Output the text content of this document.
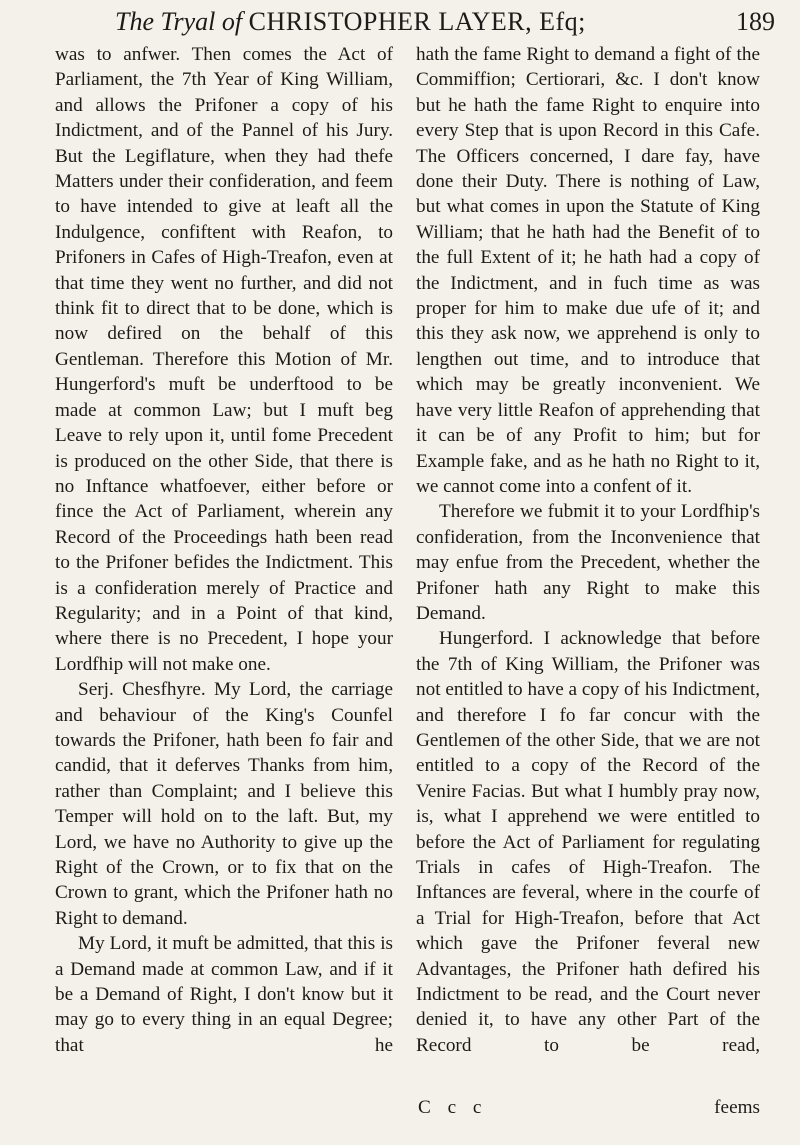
The Tryal of CHRISTOPHER LAYER, Efq;	189

was to anfwer. Then comes the Act of Parliament, the 7th Year of King William, and allows the Prifoner a copy of his Indictment, and of the Pannel of his Jury. But the Legiflature, when they had thefe Matters under their confideration, and feem to have intended to give at leaft all the Indulgence, confiftent with Reafon, to Prifoners in Cafes of High-Treafon, even at that time they went no further, and did not think fit to direct that to be done, which is now defired on the behalf of this Gentleman. Therefore this Motion of Mr. Hungerford's muft be underftood to be made at common Law; but I muft beg Leave to rely upon it, until fome Precedent is produced on the other Side, that there is no Inftance whatfoever, either before or fince the Act of Parliament, wherein any Record of the Proceedings hath been read to the Prifoner befides the Indictment. This is a confideration merely of Practice and Regularity; and in a Point of that kind, where there is no Precedent, I hope your Lordfhip will not make one.

Serj. Chesfhyre. My Lord, the carriage and behaviour of the King's Counfel towards the Prifoner, hath been fo fair and candid, that it deferves Thanks from him, rather than Complaint; and I believe this Temper will hold on to the laft. But, my Lord, we have no Authority to give up the Right of the Crown, or to fix that on the Crown to grant, which the Prifoner hath no Right to demand.

My Lord, it muft be admitted, that this is a Demand made at common Law, and if it be a Demand of Right, I don't know but it may go to every thing in an equal Degree; that he

hath the fame Right to demand a fight of the Commiffion; Certiorari, &c. I don't know but he hath the fame Right to enquire into every Step that is upon Record in this Cafe. The Officers concerned, I dare fay, have done their Duty. There is nothing of Law, but what comes in upon the Statute of King William; that he hath had the Benefit of to the full Extent of it; he hath had a copy of the Indictment, and in fuch time as was proper for him to make due ufe of it; and this they ask now, we apprehend is only to lengthen out time, and to introduce that which may be greatly inconvenient. We have very little Reafon of apprehending that it can be of any Profit to him; but for Example fake, and as he hath no Right to it, we cannot come into a confent of it.

Therefore we fubmit it to your Lordfhip's confideration, from the Inconvenience that may enfue from the Precedent, whether the Prifoner hath any Right to make this Demand.

Hungerford. I acknowledge that before the 7th of King William, the Prifoner was not entitled to have a copy of his Indictment, and therefore I fo far concur with the Gentlemen of the other Side, that we are not entitled to a copy of the Record of the Venire Facias. But what I humbly pray now, is, what I apprehend we were entitled to before the Act of Parliament for regulating Trials in cafes of High-Treafon. The Inftances are feveral, where in the courfe of a Trial for High-Treafon, before that Act which gave the Prifoner feveral new Advantages, the Prifoner hath defired his Indictment to be read, and the Court never denied it, to have any other Part of the Record to be read,

C c c	feems
